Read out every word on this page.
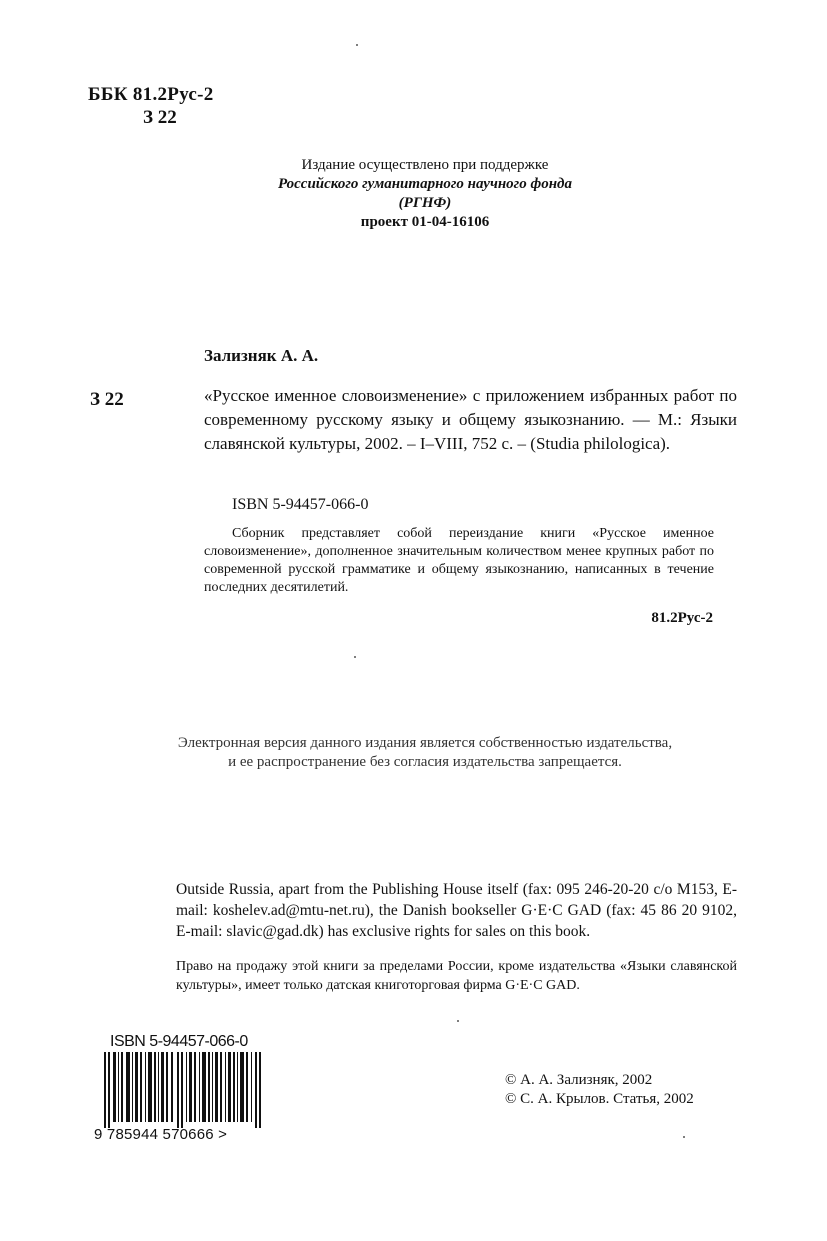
ББК 81.2Рус-2
З 22
Издание осуществлено при поддержке
Российского гуманитарного научного фонда
(РГНФ)
проект 01-04-16106
Зализняк А. А.
З 22	«Русское именное словоизменение» с приложением избранных работ по современному русскому языку и общему языкознанию. — М.: Языки славянской культуры, 2002. – I–VIII, 752 с. – (Studia philologica).
ISBN 5-94457-066-0
Сборник представляет собой переиздание книги «Русское именное словоизменение», дополненное значительным количеством менее крупных работ по современной русской грамматике и общему языкознанию, написанных в течение последних десятилетий.
81.2Рус-2
Электронная версия данного издания является собственностью издательства,
и ее распространение без согласия издательства запрещается.
Outside Russia, apart from the Publishing House itself (fax: 095 246-20-20 c/o M153, E-mail: koshelev.ad@mtu-net.ru), the Danish bookseller G·E·C GAD (fax: 45 86 20 9102, E-mail: slavic@gad.dk) has exclusive rights for sales on this book.
Право на продажу этой книги за пределами России, кроме издательства «Языки славянской культуры», имеет только датская книготорговая фирма G·E·C GAD.
ISBN 5-94457-066-0
9 785944 570666 >
© А. А. Зализняк, 2002
© С. А. Крылов. Статья, 2002
